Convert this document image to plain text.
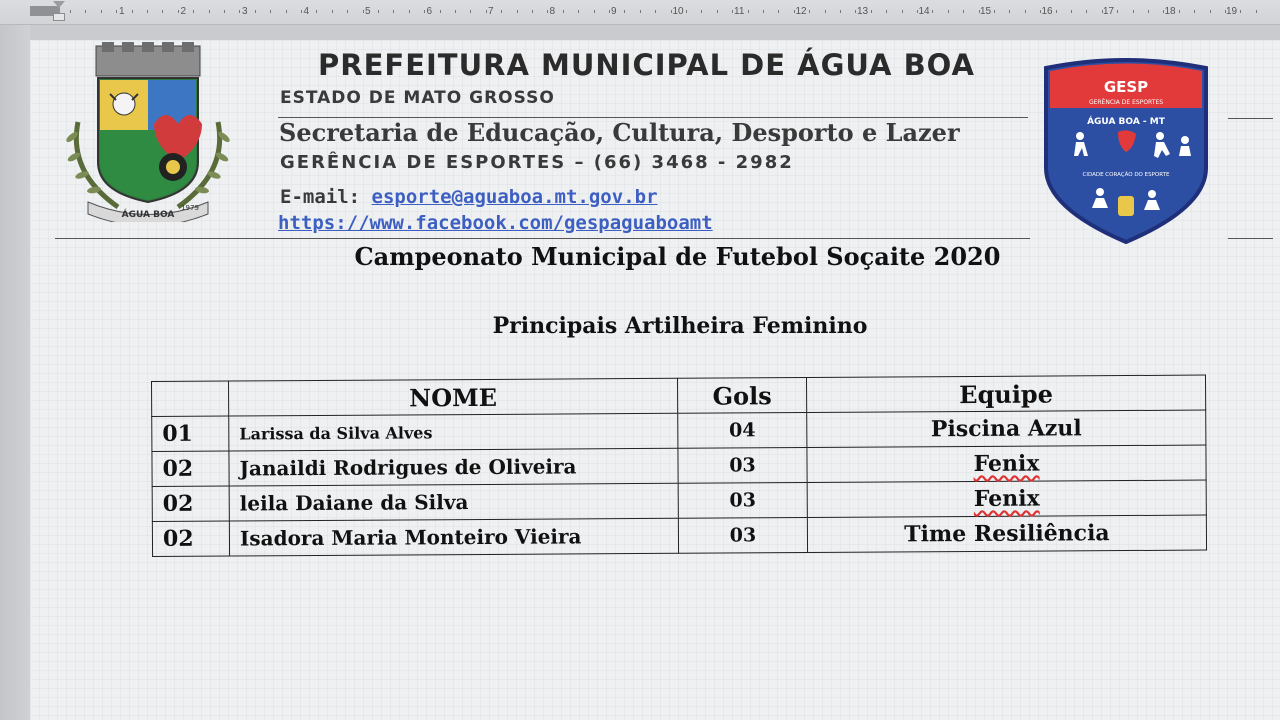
1	2	3	4	5	6	7	8	9	10	11	12	13	14	15	16	17	18	19
ÁGUA BOA
1979
PREFEITURA MUNICIPAL DE ÁGUA BOA
ESTADO DE MATO GROSSO
Secretaria de Educação, Cultura, Desporto e Lazer
GERÊNCIA DE ESPORTES – (66) 3468 - 2982
E-mail: esporte@aguaboa.mt.gov.br
https://www.facebook.com/gespaguaboamt
GESP
GERÊNCIA DE ESPORTES
ÁGUA BOA - MT
CIDADE CORAÇÃO DO ESPORTE
Campeonato Municipal de Futebol Soçaite 2020
Principais Artilheira Feminino
	NOME	Gols	Equipe
01	Larissa da Silva Alves	04	Piscina Azul
02	Janaildi Rodrigues de Oliveira	03	Fenix
02	leila Daiane da Silva	03	Fenix
02	Isadora Maria Monteiro Vieira	03	Time Resiliência
